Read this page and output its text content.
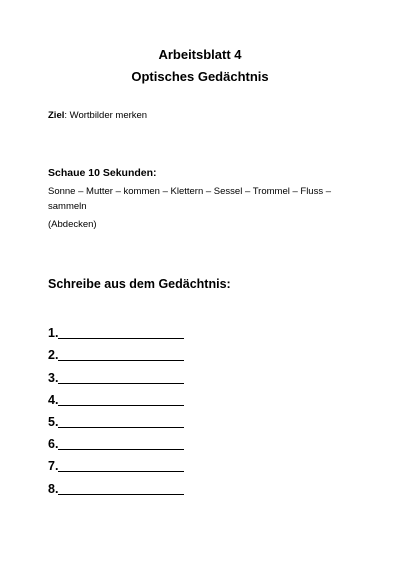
Arbeitsblatt 4
Optisches Gedächtnis
Ziel: Wortbilder merken
Schaue 10 Sekunden:
Sonne – Mutter – kommen – Klettern – Sessel – Trommel – Fluss – sammeln
(Abdecken)
Schreibe aus dem Gedächtnis:
1.
2.
3.
4.
5.
6.
7.
8.
